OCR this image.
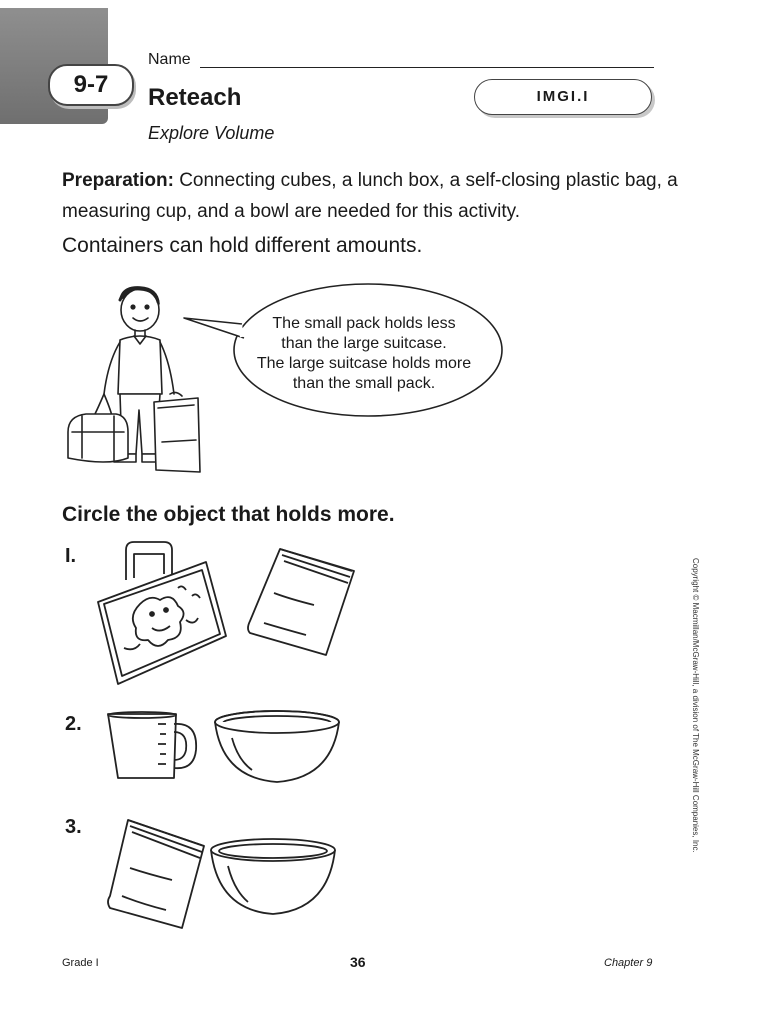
9-7
Name
Reteach
Explore Volume
IMGI.I
Preparation: Connecting cubes, a lunch box, a self-closing plastic bag, a measuring cup, and a bowl are needed for this activity.
Containers can hold different amounts.
The small pack holds less
than the large suitcase.
The large suitcase holds more
than the small pack.
Circle the object that holds more.
I.
2.
3.	Copyright © Macmillan/McGraw-Hill, a division of The McGraw-Hill Companies, Inc.
Grade I	36	Chapter 9
